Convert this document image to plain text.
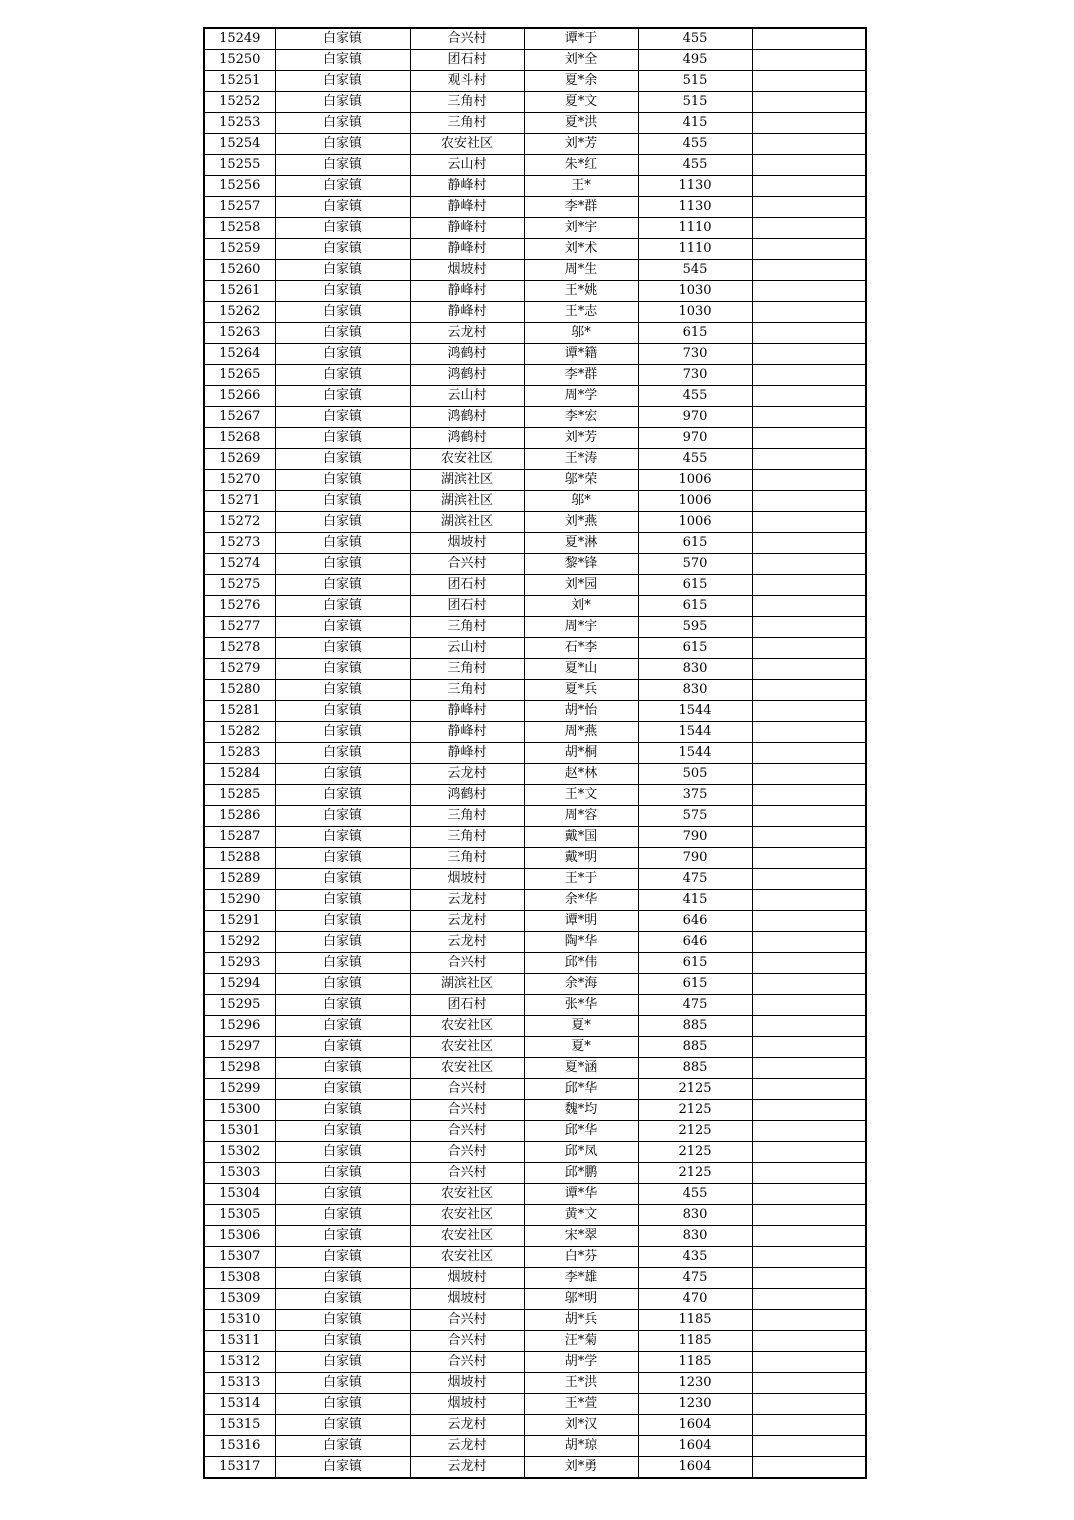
15249	白家镇	合兴村	谭*于	455	
15250	白家镇	团石村	刘*全	495	
15251	白家镇	观斗村	夏*余	515	
15252	白家镇	三角村	夏*文	515	
15253	白家镇	三角村	夏*洪	415	
15254	白家镇	农安社区	刘*芳	455	
15255	白家镇	云山村	朱*红	455	
15256	白家镇	静峰村	王*	1130	
15257	白家镇	静峰村	李*群	1130	
15258	白家镇	静峰村	刘*宇	1110	
15259	白家镇	静峰村	刘*术	1110	
15260	白家镇	烟坡村	周*生	545	
15261	白家镇	静峰村	王*姚	1030	
15262	白家镇	静峰村	王*志	1030	
15263	白家镇	云龙村	邬*	615	
15264	白家镇	鸿鹤村	谭*籍	730	
15265	白家镇	鸿鹤村	李*群	730	
15266	白家镇	云山村	周*学	455	
15267	白家镇	鸿鹤村	李*宏	970	
15268	白家镇	鸿鹤村	刘*芳	970	
15269	白家镇	农安社区	王*涛	455	
15270	白家镇	湖滨社区	邬*荣	1006	
15271	白家镇	湖滨社区	邬*	1006	
15272	白家镇	湖滨社区	刘*燕	1006	
15273	白家镇	烟坡村	夏*淋	615	
15274	白家镇	合兴村	黎*锋	570	
15275	白家镇	团石村	刘*园	615	
15276	白家镇	团石村	刘*	615	
15277	白家镇	三角村	周*宇	595	
15278	白家镇	云山村	石*李	615	
15279	白家镇	三角村	夏*山	830	
15280	白家镇	三角村	夏*兵	830	
15281	白家镇	静峰村	胡*怡	1544	
15282	白家镇	静峰村	周*燕	1544	
15283	白家镇	静峰村	胡*桐	1544	
15284	白家镇	云龙村	赵*林	505	
15285	白家镇	鸿鹤村	王*文	375	
15286	白家镇	三角村	周*容	575	
15287	白家镇	三角村	戴*国	790	
15288	白家镇	三角村	戴*明	790	
15289	白家镇	烟坡村	王*于	475	
15290	白家镇	云龙村	余*华	415	
15291	白家镇	云龙村	谭*明	646	
15292	白家镇	云龙村	陶*华	646	
15293	白家镇	合兴村	邱*伟	615	
15294	白家镇	湖滨社区	余*海	615	
15295	白家镇	团石村	张*华	475	
15296	白家镇	农安社区	夏*	885	
15297	白家镇	农安社区	夏*	885	
15298	白家镇	农安社区	夏*涵	885	
15299	白家镇	合兴村	邱*华	2125	
15300	白家镇	合兴村	魏*均	2125	
15301	白家镇	合兴村	邱*华	2125	
15302	白家镇	合兴村	邱*凤	2125	
15303	白家镇	合兴村	邱*鹏	2125	
15304	白家镇	农安社区	谭*华	455	
15305	白家镇	农安社区	黄*文	830	
15306	白家镇	农安社区	宋*翠	830	
15307	白家镇	农安社区	白*芬	435	
15308	白家镇	烟坡村	李*雄	475	
15309	白家镇	烟坡村	邬*明	470	
15310	白家镇	合兴村	胡*兵	1185	
15311	白家镇	合兴村	汪*菊	1185	
15312	白家镇	合兴村	胡*学	1185	
15313	白家镇	烟坡村	王*洪	1230	
15314	白家镇	烟坡村	王*萱	1230	
15315	白家镇	云龙村	刘*汉	1604	
15316	白家镇	云龙村	胡*琼	1604	
15317	白家镇	云龙村	刘*勇	1604	
